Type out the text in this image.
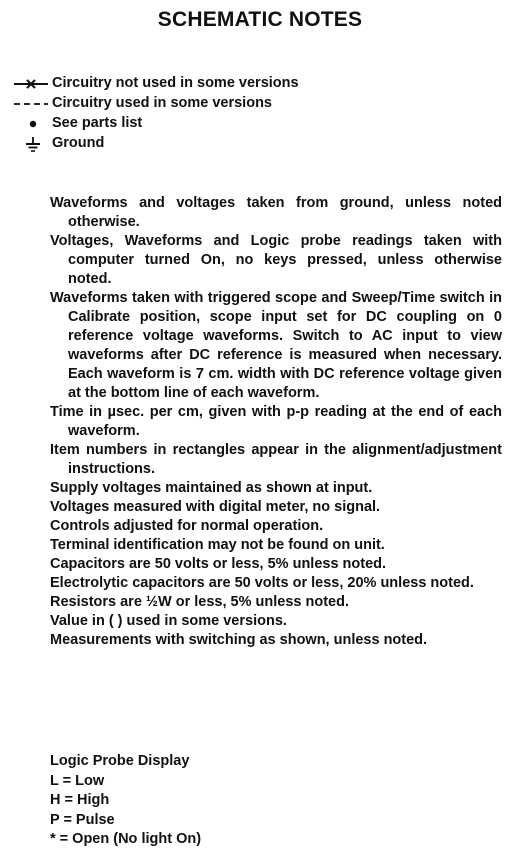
SCHEMATIC NOTES
Circuitry not used in some versions
Circuitry used in some versions
See parts list
Ground

Waveforms and voltages taken from ground, unless noted otherwise.

Voltages, Waveforms and Logic probe readings taken with computer turned On, no keys pressed, unless otherwise noted.

Waveforms taken with triggered scope and Sweep/Time switch in Calibrate position, scope input set for DC coupling on 0 reference voltage waveforms. Switch to AC input to view waveforms after DC reference is measured when necessary. Each waveform is 7 cm. width with DC reference voltage given at the bottom line of each waveform.

Time in µsec. per cm, given with p-p reading at the end of each waveform.

Item numbers in rectangles appear in the alignment/adjustment instructions.

Supply voltages maintained as shown at input.

Voltages measured with digital meter, no signal.

Controls adjusted for normal operation.

Terminal identification may not be found on unit.

Capacitors are 50 volts or less, 5% unless noted.

Electrolytic capacitors are 50 volts or less, 20% unless noted.

Resistors are ½W or less, 5% unless noted.

Value in ( ) used in some versions.

Measurements with switching as shown, unless noted.

Logic Probe Display
L = Low
H = High
P = Pulse
* = Open (No light On)
